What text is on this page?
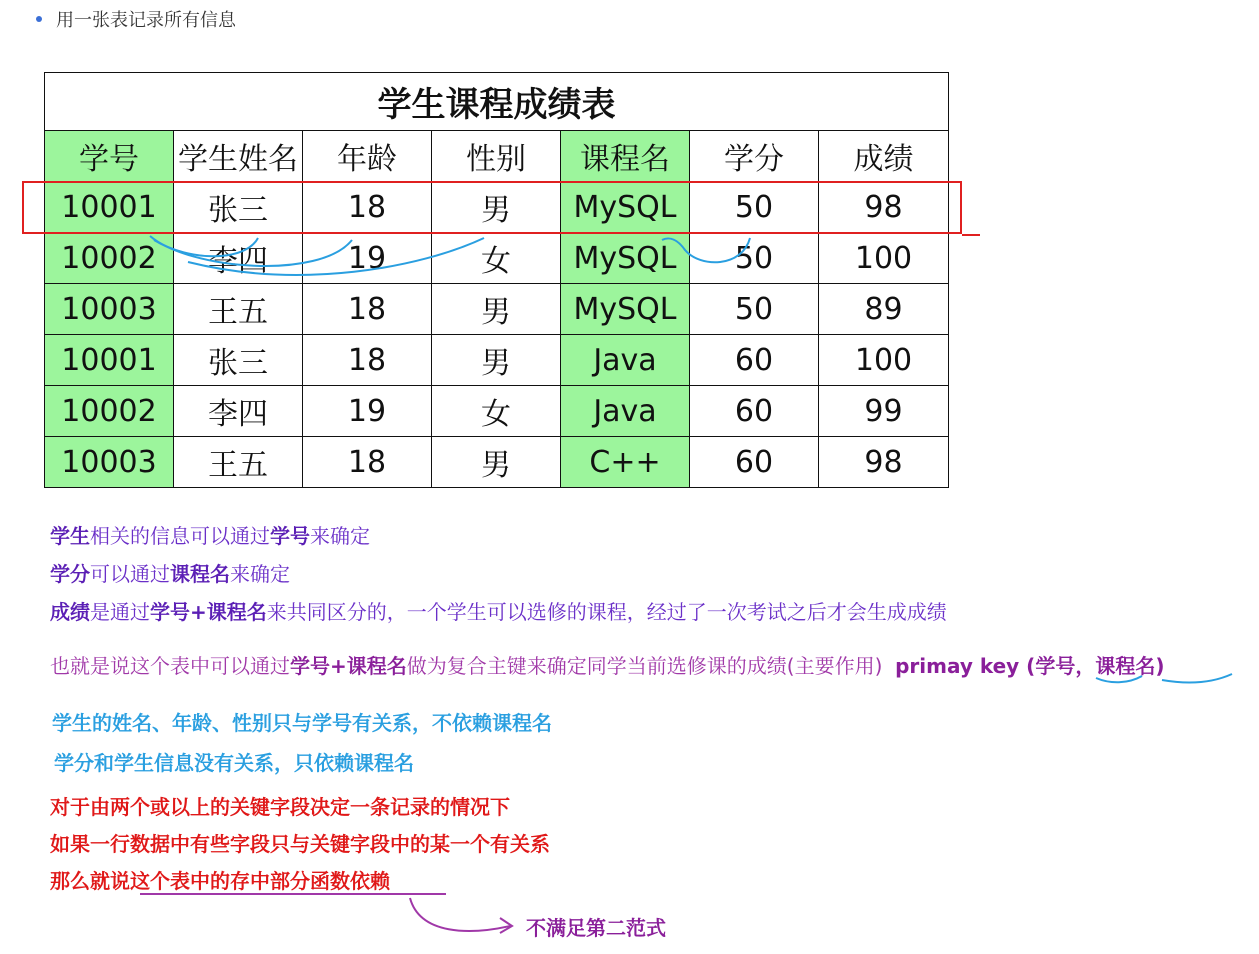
用一张表记录所有信息
学生课程成绩表						
学号	学生姓名	年龄	性别	课程名	学分	成绩
10001	张三	18	男	MySQL	50	98
10002	李四	19	女	MySQL	50	100
10003	王五	18	男	MySQL	50	89
10001	张三	18	男	Java	60	100
10002	李四	19	女	Java	60	99
10003	王五	18	男	C++	60	98
学生相关的信息可以通过学号来确定
学分可以通过课程名来确定
成绩是通过学号+课程名来共同区分的，一个学生可以选修的课程，经过了一次考试之后才会生成成绩
也就是说这个表中可以通过学号+课程名做为复合主键来确定同学当前选修课的成绩(主要作用) primay key (学号，课程名)
学生的姓名、年龄、性别只与学号有关系，不依赖课程名
学分和学生信息没有关系，只依赖课程名
对于由两个或以上的关键字段决定一条记录的情况下
如果一行数据中有些字段只与关键字段中的某一个有关系
那么就说这个表中的存中部分函数依赖
不满足第二范式
